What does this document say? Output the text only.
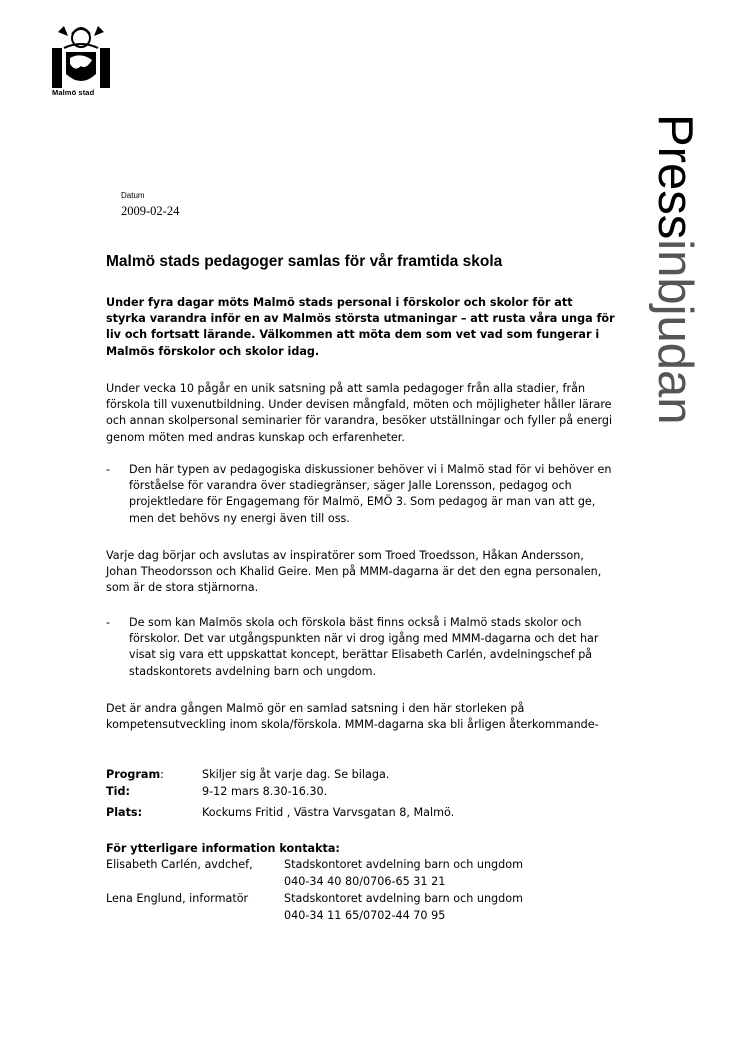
Malmö stad
Pressinbjudan
Datum
2009-02-24
Malmö stads pedagoger samlas för vår framtida skola

Under fyra dagar möts Malmö stads personal i förskolor och skolor för att styrka varandra inför en av Malmös största utmaningar – att rusta våra unga för liv och fortsatt lärande. Välkommen att möta dem som vet vad som fungerar i Malmös förskolor och skolor idag.

Under vecka 10 pågår en unik satsning på att samla pedagoger från alla stadier, från förskola till vuxenutbildning. Under devisen mångfald, möten och möjligheter håller lärare och annan skolpersonal seminarier för varandra, besöker utställningar och fyller på energi genom möten med andras kunskap och erfarenheter.

- Den här typen av pedagogiska diskussioner behöver vi i Malmö stad för vi behöver en förståelse för varandra över stadiegränser, säger Jalle Lorensson, pedagog och projektledare för Engagemang för Malmö, EMÖ 3. Som pedagog är man van att ge, men det behövs ny energi även till oss.

Varje dag börjar och avslutas av inspiratörer som Troed Troedsson, Håkan Andersson, Johan Theodorsson och Khalid Geire. Men på MMM-dagarna är det den egna personalen, som är de stora stjärnorna.

- De som kan Malmös skola och förskola bäst finns också i Malmö stads skolor och förskolor. Det var utgångspunkten när vi drog igång med MMM-dagarna och det har visat sig vara ett uppskattat koncept, berättar Elisabeth Carlén, avdelningschef på stadskontorets avdelning barn och ungdom.

Det är andra gången Malmö gör en samlad satsning i den här storleken på kompetensutveckling inom skola/förskola. MMM-dagarna ska bli årligen återkommande-

Program:	Skiljer sig åt varje dag. Se bilaga.
Tid:	9-12 mars 8.30-16.30.
Plats:	Kockums Fritid , Västra Varvsgatan 8, Malmö.
För ytterligare information kontakta:
Elisabeth Carlén, avdchef,	Stadskontoret avdelning barn och ungdom
040-34 40 80/0706-65 31 21
Lena Englund, informatör	Stadskontoret avdelning barn och ungdom
040-34 11 65/0702-44 70 95
